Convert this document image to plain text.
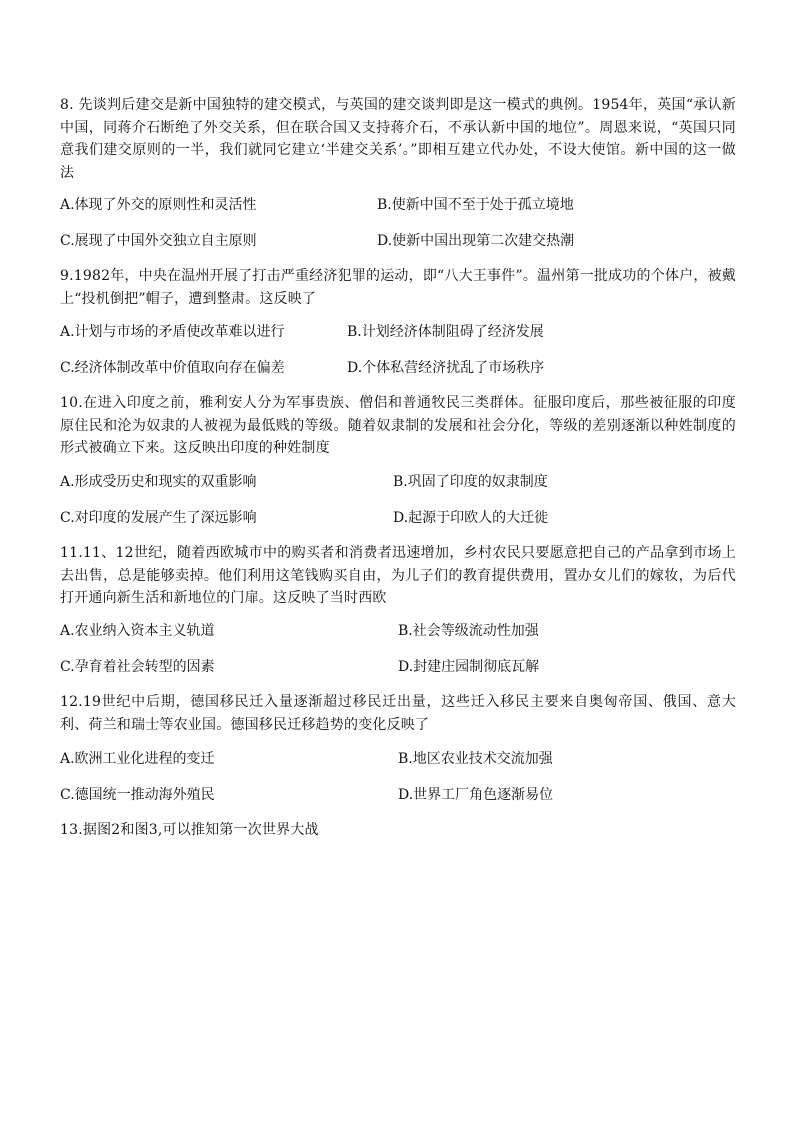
8. 先谈判后建交是新中国独特的建交模式，与英国的建交谈判即是这一模式的典例。1954年，英国“承认新中国，同蒋介石断绝了外交关系，但在联合国又支持蒋介石，不承认新中国的地位”。周恩来说，“英国只同意我们建交原则的一半，我们就同它建立‘半建交关系’。”即相互建立代办处，不设大使馆。新中国的这一做法
A.体现了外交的原则性和灵活性	B.使新中国不至于处于孤立境地
C.展现了中国外交独立自主原则	D.使新中国出现第二次建交热潮
9.1982年，中央在温州开展了打击严重经济犯罪的运动，即“八大王事件”。温州第一批成功的个体户，被戴上“投机倒把”帽子，遭到整肃。这反映了
A.计划与市场的矛盾使改革难以进行	B.计划经济体制阻碍了经济发展
C.经济体制改革中价值取向存在偏差	D.个体私营经济扰乱了市场秩序
10.在进入印度之前，雅利安人分为军事贵族、僧侣和普通牧民三类群体。征服印度后，那些被征服的印度原住民和沦为奴隶的人被视为最低贱的等级。随着奴隶制的发展和社会分化，等级的差别逐渐以种姓制度的形式被确立下来。这反映出印度的种姓制度
A.形成受历史和现实的双重影响	B.巩固了印度的奴隶制度
C.对印度的发展产生了深远影响	D.起源于印欧人的大迁徙
11.11、12世纪，随着西欧城市中的购买者和消费者迅速增加，乡村农民只要愿意把自己的产品拿到市场上去出售，总是能够卖掉。他们利用这笔钱购买自由，为儿子们的教育提供费用，置办女儿们的嫁妆，为后代打开通向新生活和新地位的门扉。这反映了当时西欧
A.农业纳入资本主义轨道	B.社会等级流动性加强
C.孕育着社会转型的因素	D.封建庄园制彻底瓦解
12.19世纪中后期，德国移民迁入量逐渐超过移民迁出量，这些迁入移民主要来自奥匈帝国、俄国、意大利、荷兰和瑞士等农业国。德国移民迁移趋势的变化反映了
A.欧洲工业化进程的变迁	B.地区农业技术交流加强
C.德国统一推动海外殖民	D.世界工厂角色逐渐易位
13.据图2和图3,可以推知第一次世界大战
